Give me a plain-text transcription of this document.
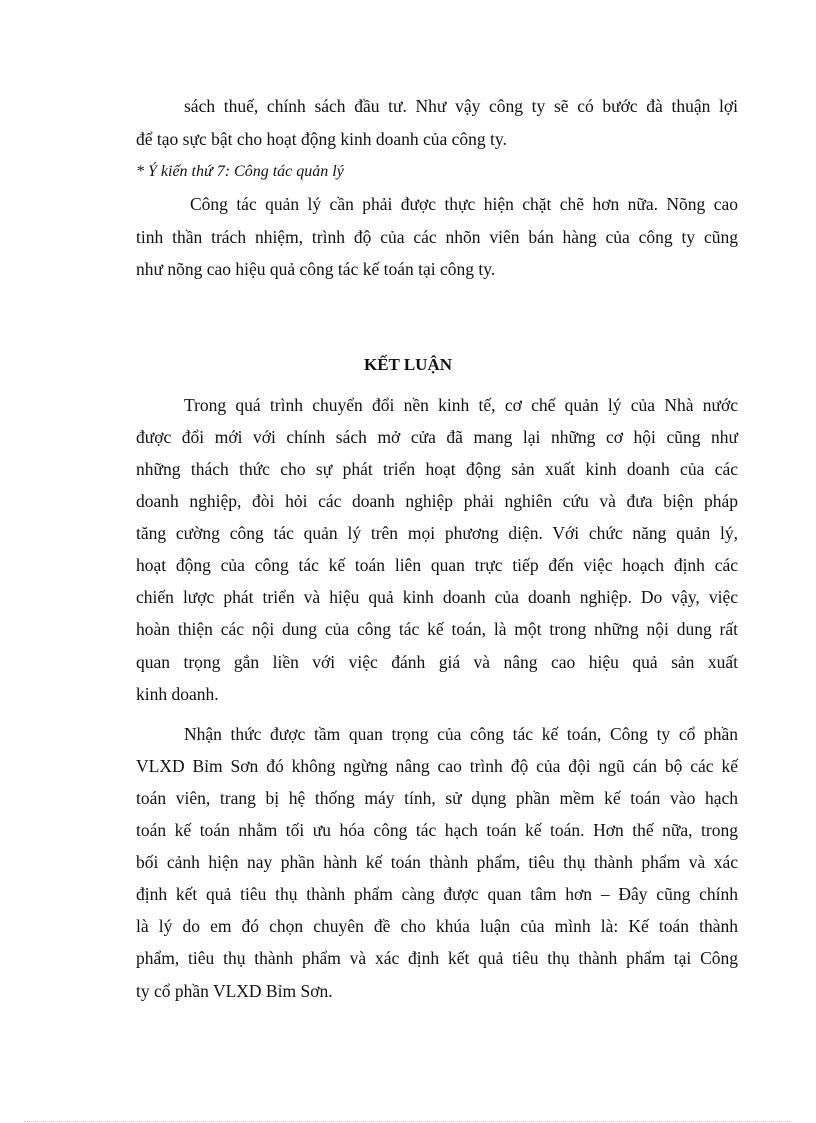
sách thuế, chính sách đầu tư. Như vậy công ty sẽ có bước đà thuận lợi
để tạo sực bật cho hoạt động kinh doanh của công ty.
* Ý kiến thứ 7: Công tác quản lý
Công tác quản lý cần phải được thực hiện chặt chẽ hơn nữa. Nõng cao
tinh thần trách nhiệm, trình độ của các nhõn viên bán hàng của công ty cũng
như nõng cao hiệu quả công tác kế toán tại công ty.
KẾT LUẬN
Trong quá trình chuyển đổi nền kinh tế, cơ chế quản lý của Nhà nước
được đổi mới với chính sách mở cửa đã mang lại những cơ hội cũng như
những thách thức cho sự phát triển hoạt động sản xuất kinh doanh của các
doanh nghiệp, đòi hỏi các doanh nghiệp phải nghiên cứu và đưa biện pháp
tăng cường công tác quản lý trên mọi phương diện. Với chức năng quản lý,
hoạt động của công tác kế toán liên quan trực tiếp đến việc hoạch định các
chiến lược phát triển và hiệu quả kinh doanh của doanh nghiệp. Do vậy, việc
hoàn thiện các nội dung của công tác kế toán, là một trong những nội dung rất
quan trọng gắn liền với việc đánh giá và nâng cao hiệu quả sản xuất
kinh doanh.
Nhận thức được tầm quan trọng của công tác kế toán, Công ty cổ phần
VLXD Bỉm Sơn đó không ngừng nâng cao trình độ của đội ngũ cán bộ các kế
toán viên, trang bị hệ thống máy tính, sử dụng phần mềm kế toán vào hạch
toán kế toán nhằm tối ưu hóa công tác hạch toán kế toán. Hơn thế nữa, trong
bối cảnh hiện nay phần hành kế toán thành phẩm, tiêu thụ thành phẩm và xác
định kết quả tiêu thụ thành phẩm càng được quan tâm hơn – Đây cũng chính
là lý do em đó chọn chuyên đề cho khúa luận của mình là: Kế toán thành
phẩm, tiêu thụ thành phẩm và xác định kết quả tiêu thụ thành phẩm tại Công
ty cổ phần VLXD Bỉm Sơn.
